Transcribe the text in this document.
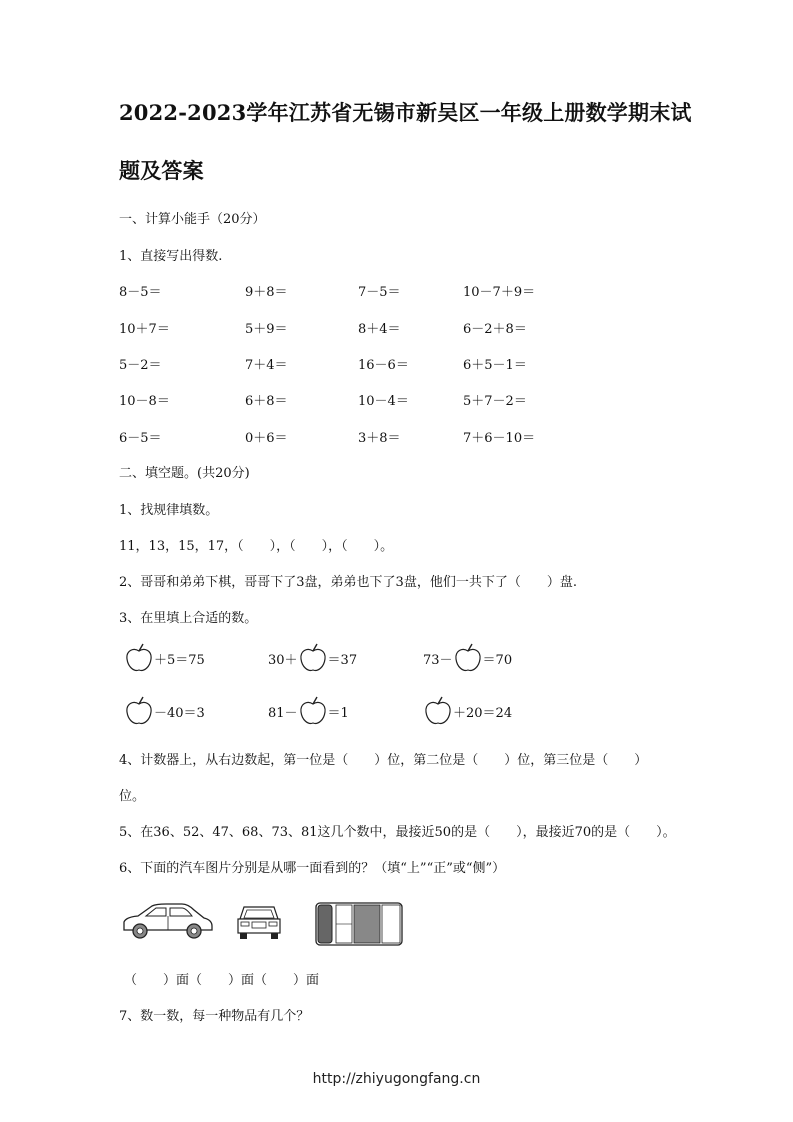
2022-2023学年江苏省无锡市新吴区一年级上册数学期末试
题及答案
一、计算小能手（20分）
1、直接写出得数.
8－5＝	9＋8＝	7－5＝	10－7＋9＝
10＋7＝	5＋9＝	8＋4＝	6－2＋8＝
5－2＝	7＋4＝	16－6＝	6＋5－1＝
10－8＝	6＋8＝	10－4＝	5＋7－2＝
6－5＝	0＋6＝	3＋8＝	7＋6－10＝
二、填空题。(共20分)
1、找规律填数。
11，13，15，17，（　　），（　　），（　　）。
2、哥哥和弟弟下棋，哥哥下了3盘，弟弟也下了3盘，他们一共下了（　　）盘.
3、在里填上合适的数。
＋5＝75	30＋ ＝37	73－ ＝70
－40＝3	81－ ＝1	＋20＝24
4、计数器上，从右边数起，第一位是（　　）位，第二位是（　　）位，第三位是（　　）
位。
5、在36、52、47、68、73、81这几个数中，最接近50的是（　　），最接近70的是（　　）。
6、下面的汽车图片分别是从哪一面看到的？（填“上”“正”或“侧”）
（　　）面（　　）面（　　）面
7、数一数，每一种物品有几个？
http://zhiyugongfang.cn
